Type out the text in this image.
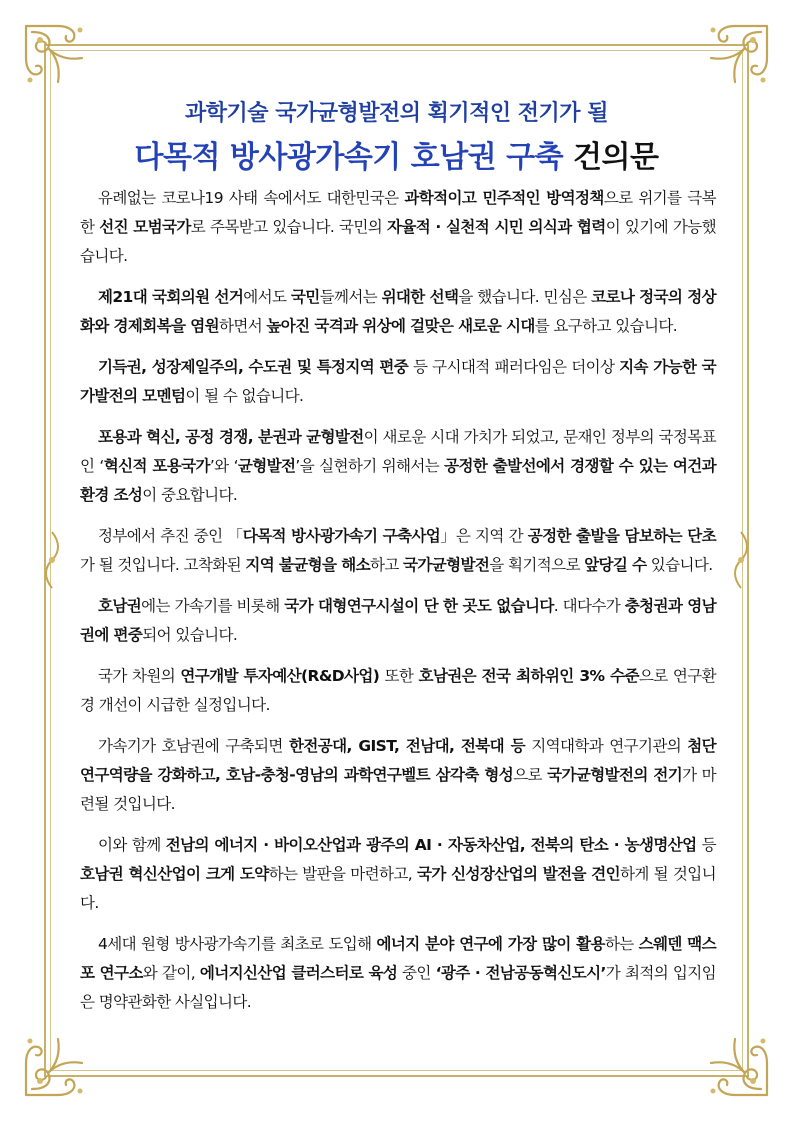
과학기술 국가균형발전의 획기적인 전기가 될
다목적 방사광가속기 호남권 구축 건의문

유례없는 코로나19 사태 속에서도 대한민국은 과학적이고 민주적인 방역정책으로 위기를 극복한 선진 모범국가로 주목받고 있습니다. 국민의 자율적 · 실천적 시민 의식과 협력이 있기에 가능했습니다.

제21대 국회의원 선거에서도 국민들께서는 위대한 선택을 했습니다. 민심은 코로나 정국의 정상화와 경제회복을 염원하면서 높아진 국격과 위상에 걸맞은 새로운 시대를 요구하고 있습니다.

기득권, 성장제일주의, 수도권 및 특정지역 편중 등 구시대적 패러다임은 더이상 지속 가능한 국가발전의 모멘텀이 될 수 없습니다.

포용과 혁신, 공정 경쟁, 분권과 균형발전이 새로운 시대 가치가 되었고, 문재인 정부의 국정목표인 ‘혁신적 포용국가’와 ‘균형발전’을 실현하기 위해서는 공정한 출발선에서 경쟁할 수 있는 여건과 환경 조성이 중요합니다.

정부에서 추진 중인 「다목적 방사광가속기 구축사업」은 지역 간 공정한 출발을 담보하는 단초가 될 것입니다. 고착화된 지역 불균형을 해소하고 국가균형발전을 획기적으로 앞당길 수 있습니다.

호남권에는 가속기를 비롯해 국가 대형연구시설이 단 한 곳도 없습니다. 대다수가 충청권과 영남권에 편중되어 있습니다.

국가 차원의 연구개발 투자예산(R&D사업) 또한 호남권은 전국 최하위인 3% 수준으로 연구환경 개선이 시급한 실정입니다.

가속기가 호남권에 구축되면 한전공대, GIST, 전남대, 전북대 등 지역대학과 연구기관의 첨단 연구역량을 강화하고, 호남-충청-영남의 과학연구벨트 삼각축 형성으로 국가균형발전의 전기가 마련될 것입니다.

이와 함께 전남의 에너지 · 바이오산업과 광주의 AI · 자동차산업, 전북의 탄소 · 농생명산업 등 호남권 혁신산업이 크게 도약하는 발판을 마련하고, 국가 신성장산업의 발전을 견인하게 될 것입니다.

4세대 원형 방사광가속기를 최초로 도입해 에너지 분야 연구에 가장 많이 활용하는 스웨덴 맥스포 연구소와 같이, 에너지신산업 클러스터로 육성 중인 ‘광주 · 전남공동혁신도시’가 최적의 입지임은 명약관화한 사실입니다.
